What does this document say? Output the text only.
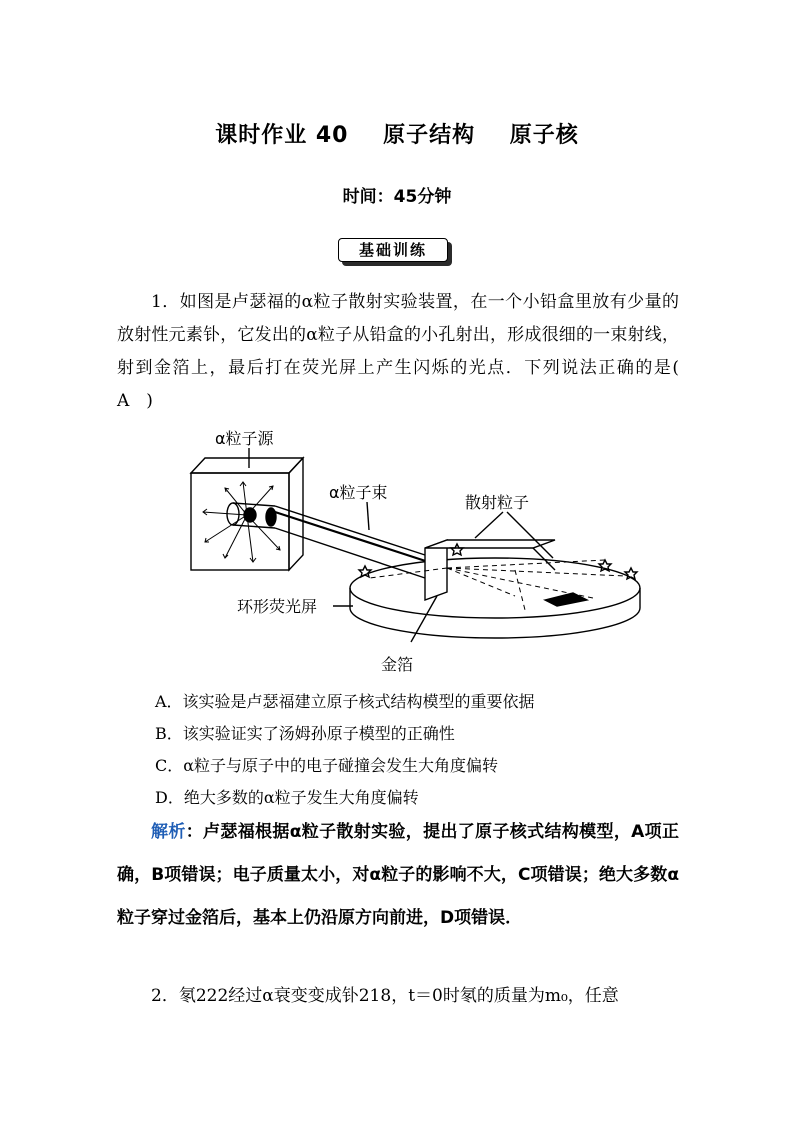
课时作业 40    原子结构    原子核
时间：45分钟
基础训练
1．如图是卢瑟福的α粒子散射实验装置，在一个小铅盒里放有少量的放射性元素钋，它发出的α粒子从铅盒的小孔射出，形成很细的一束射线，射到金箔上，最后打在荧光屏上产生闪烁的光点．下列说法正确的是(　A　)
α粒子源
α粒子束
散射粒子
环形荧光屏
金箔
A．该实验是卢瑟福建立原子核式结构模型的重要依据
B．该实验证实了汤姆孙原子模型的正确性
C．α粒子与原子中的电子碰撞会发生大角度偏转
D．绝大多数的α粒子发生大角度偏转
解析：卢瑟福根据α粒子散射实验，提出了原子核式结构模型，A项正确，B项错误；电子质量太小，对α粒子的影响不大，C项错误；绝大多数α粒子穿过金箔后，基本上仍沿原方向前进，D项错误．
2．氡222经过α衰变变成钋218，t＝0时氡的质量为m₀，任意
